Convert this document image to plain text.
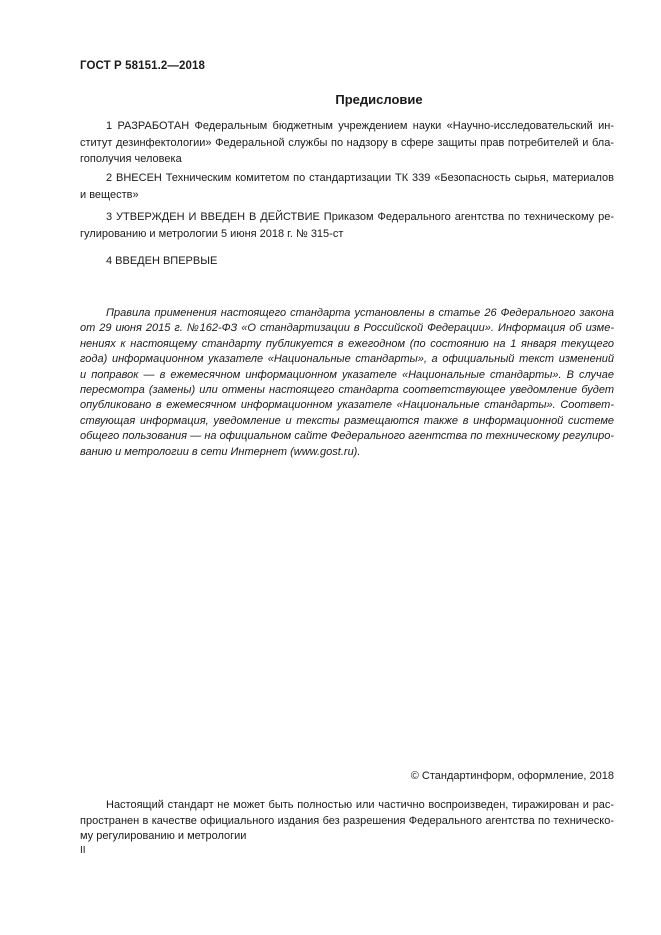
ГОСТ Р 58151.2—2018
Предисловие
1 РАЗРАБОТАН Федеральным бюджетным учреждением науки «Научно-исследовательский ин-
ститут дезинфектологии» Федеральной службы по надзору в сфере защиты прав потребителей и бла-
гополучия человека
2 ВНЕСЕН Техническим комитетом по стандартизации ТК 339 «Безопасность сырья, материалов
и веществ»
3 УТВЕРЖДЕН И ВВЕДЕН В ДЕЙСТВИЕ Приказом Федерального агентства по техническому ре-
гулированию и метрологии 5 июня 2018 г. № 315-ст
4 ВВЕДЕН ВПЕРВЫЕ
Правила применения настоящего стандарта установлены в статье 26 Федерального закона
от 29 июня 2015 г. №162-ФЗ «О стандартизации в Российской Федерации». Информация об изме-
нениях к настоящему стандарту публикуется в ежегодном (по состоянию на 1 января текущего
года) информационном указателе «Национальные стандарты», а официальный текст изменений
и поправок — в ежемесячном информационном указателе «Национальные стандарты». В случае
пересмотра (замены) или отмены настоящего стандарта соответствующее уведомление будет
опубликовано в ежемесячном информационном указателе «Национальные стандарты». Соответ-
ствующая информация, уведомление и тексты размещаются также в информационной системе
общего пользования — на официальном сайте Федерального агентства по техническому регулиро-
ванию и метрологии в сети Интернет (www.gost.ru).
© Стандартинформ, оформление, 2018
Настоящий стандарт не может быть полностью или частично воспроизведен, тиражирован и рас-
пространен в качестве официального издания без разрешения Федерального агентства по техническо-
му регулированию и метрологии
II
